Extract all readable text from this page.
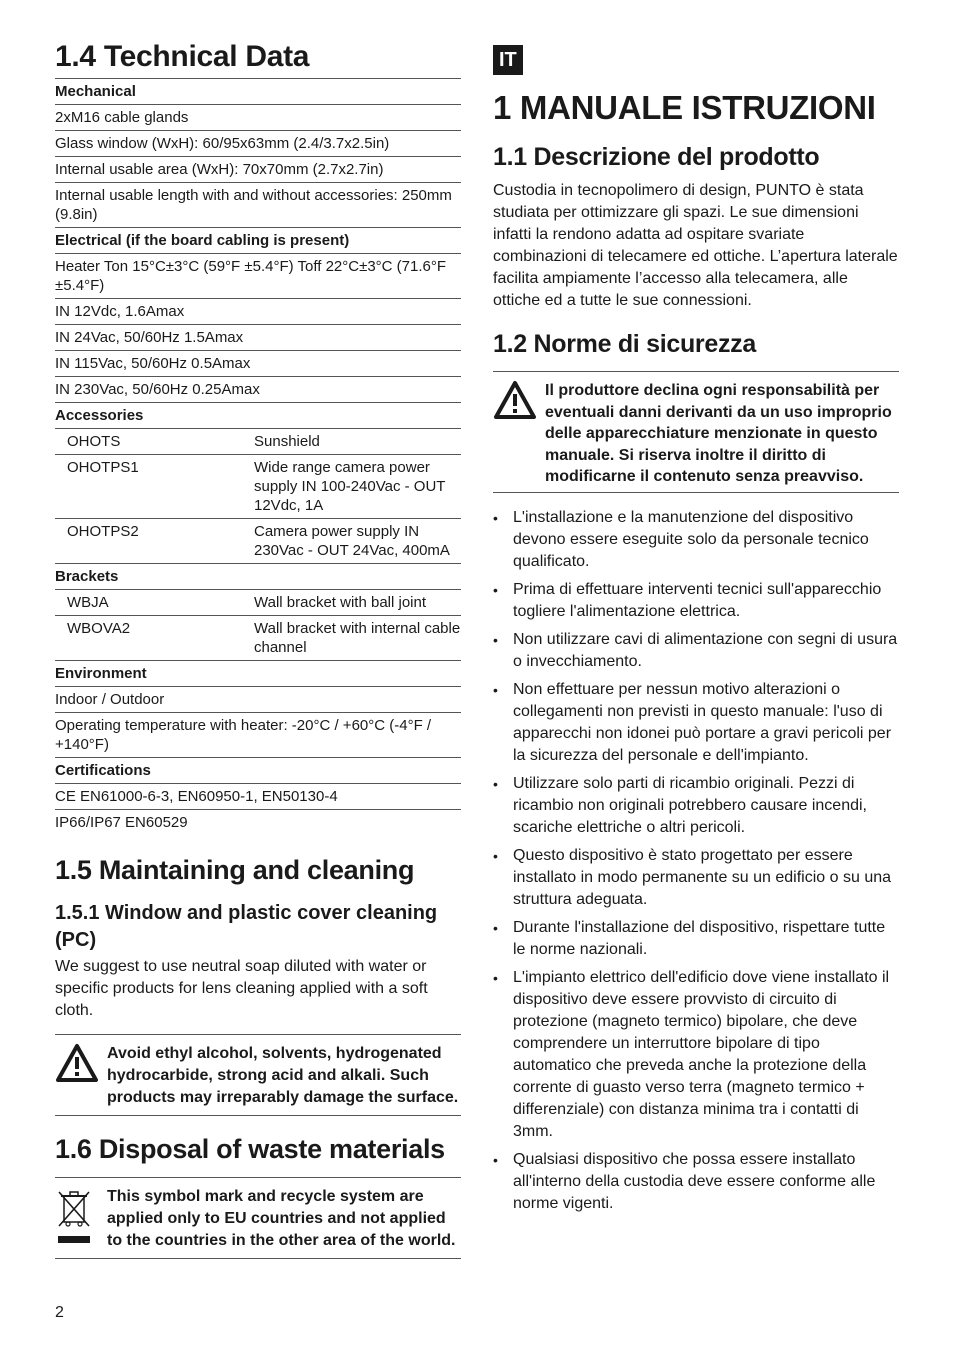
1.4 Technical Data
Mechanical	
2xM16 cable glands	
Glass window (WxH): 60/95x63mm (2.4/3.7x2.5in)	
Internal usable area (WxH): 70x70mm (2.7x2.7in)	
Internal usable length with and without accessories: 250mm (9.8in)	
Electrical (if the board cabling is present)	
Heater Ton 15°C±3°C (59°F ±5.4°F) Toff 22°C±3°C (71.6°F ±5.4°F)	
IN 12Vdc, 1.6Amax	
IN 24Vac, 50/60Hz 1.5Amax	
IN 115Vac, 50/60Hz 0.5Amax	
IN 230Vac, 50/60Hz 0.25Amax	
Accessories	
OHOTS	Sunshield
OHOTPS1	Wide range camera power supply IN 100-240Vac - OUT 12Vdc, 1A
OHOTPS2	Camera power supply IN 230Vac - OUT 24Vac, 400mA
Brackets	
WBJA	Wall bracket with ball joint
WBOVA2	Wall bracket with internal cable channel
Environment	
Indoor / Outdoor	
Operating temperature with heater: -20°C / +60°C (-4°F / +140°F)	
Certifications	
CE EN61000-6-3, EN60950-1, EN50130-4	
IP66/IP67 EN60529	
1.5 Maintaining and cleaning
1.5.1 Window and plastic cover cleaning (PC)

We suggest to use neutral soap diluted with water or specific products for lens cleaning applied with a soft cloth.

Avoid ethyl alcohol, solvents, hydrogenated hydrocarbide, strong acid and alkali. Such products may irreparably damage the surface.
1.6 Disposal of waste materials
This symbol mark and recycle system are applied only to EU countries and not applied to the countries in the other area of the world.
IT
1 MANUALE ISTRUZIONI
1.1 Descrizione del prodotto

Custodia in tecnopolimero di design, PUNTO è stata studiata per ottimizzare gli spazi. Le sue dimensioni infatti la rendono adatta ad ospitare svariate combinazioni di telecamere ed ottiche. L’apertura laterale facilita ampiamente l’accesso alla telecamera, alle ottiche ed a tutte le sue connessioni.

1.2 Norme di sicurezza
Il produttore declina ogni responsabilità per eventuali danni derivanti da un uso improprio delle apparecchiature menzionate in questo manuale. Si riserva inoltre il diritto di modificarne il contenuto senza preavviso.
• L'installazione e la manutenzione del dispositivo devono essere eseguite solo da personale tecnico qualificato.
• Prima di effettuare interventi tecnici sull'apparecchio togliere l'alimentazione elettrica.
• Non utilizzare cavi di alimentazione con segni di usura o invecchiamento.
• Non effettuare per nessun motivo alterazioni o collegamenti non previsti in questo manuale: l'uso di apparecchi non idonei può portare a gravi pericoli per la sicurezza del personale e dell'impianto.
• Utilizzare solo parti di ricambio originali. Pezzi di ricambio non originali potrebbero causare incendi, scariche elettriche o altri pericoli.
• Questo dispositivo è stato progettato per essere installato in modo permanente su un edificio o su una struttura adeguata.
• Durante l'installazione del dispositivo, rispettare tutte le norme nazionali.
• L'impianto elettrico dell'edificio dove viene installato il dispositivo deve essere provvisto di circuito di protezione (magneto termico) bipolare, che deve comprendere un interruttore bipolare di tipo automatico che preveda anche la protezione della corrente di guasto verso terra (magneto termico + differenziale) con distanza minima tra i contatti di 3mm.
• Qualsiasi dispositivo che possa essere installato all'interno della custodia deve essere conforme alle norme vigenti.
2
